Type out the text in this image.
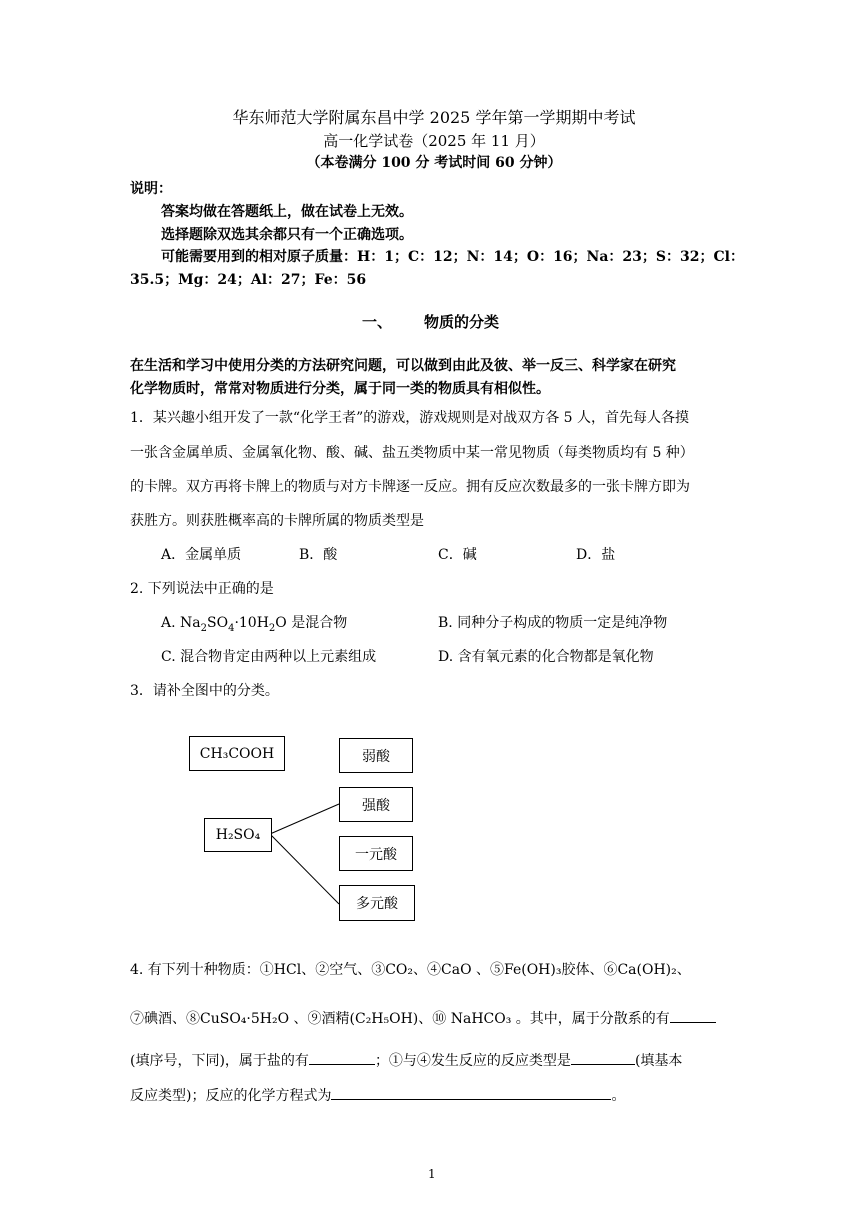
华东师范大学附属东昌中学 2025 学年第一学期期中考试
高一化学试卷（2025 年 11 月）
（本卷满分 100 分 考试时间 60 分钟）
说明：
答案均做在答题纸上，做在试卷上无效。
选择题除双选其余都只有一个正确选项。
可能需要用到的相对原子质量：H：1；C：12；N：14；O：16；Na：23；S：32；Cl：
35.5；Mg：24；Al：27；Fe：56
一、 物质的分类
在生活和学习中使用分类的方法研究问题，可以做到由此及彼、举一反三、科学家在研究
化学物质时，常常对物质进行分类，属于同一类的物质具有相似性。
1．某兴趣小组开发了一款“化学王者”的游戏，游戏规则是对战双方各 5 人，首先每人各摸
一张含金属单质、金属氧化物、酸、碱、盐五类物质中某一常见物质（每类物质均有 5 种）
的卡牌。双方再将卡牌上的物质与对方卡牌逐一反应。拥有反应次数最多的一张卡牌方即为
获胜方。则获胜概率高的卡牌所属的物质类型是
A．金属单质	B．酸	C．碱	D．盐
2. 下列说法中正确的是
A. $Na_2SO_4\cdot 10H_2O$ 是混合物	B. 同种分子构成的物质一定是纯净物
C. 混合物肯定由两种以上元素组成	D. 含有氧元素的化合物都是氧化物
3．请补全图中的分类。
CH₃COOH	弱酸
强酸
H₂SO₄
一元酸
多元酸
4. 有下列十种物质：①HCl、②空气、③CO₂、④CaO 、⑤Fe(OH)₃胶体、⑥Ca(OH)₂、
⑦碘酒、⑧CuSO₄·5H₂O 、⑨酒精(C₂H₅OH)、⑩ NaHCO₃ 。其中，属于分散系的有
(填序号，下同)，属于盐的有	；①与④发生反应的反应类型是	(填基本
反应类型)；反应的化学方程式为	。
1
